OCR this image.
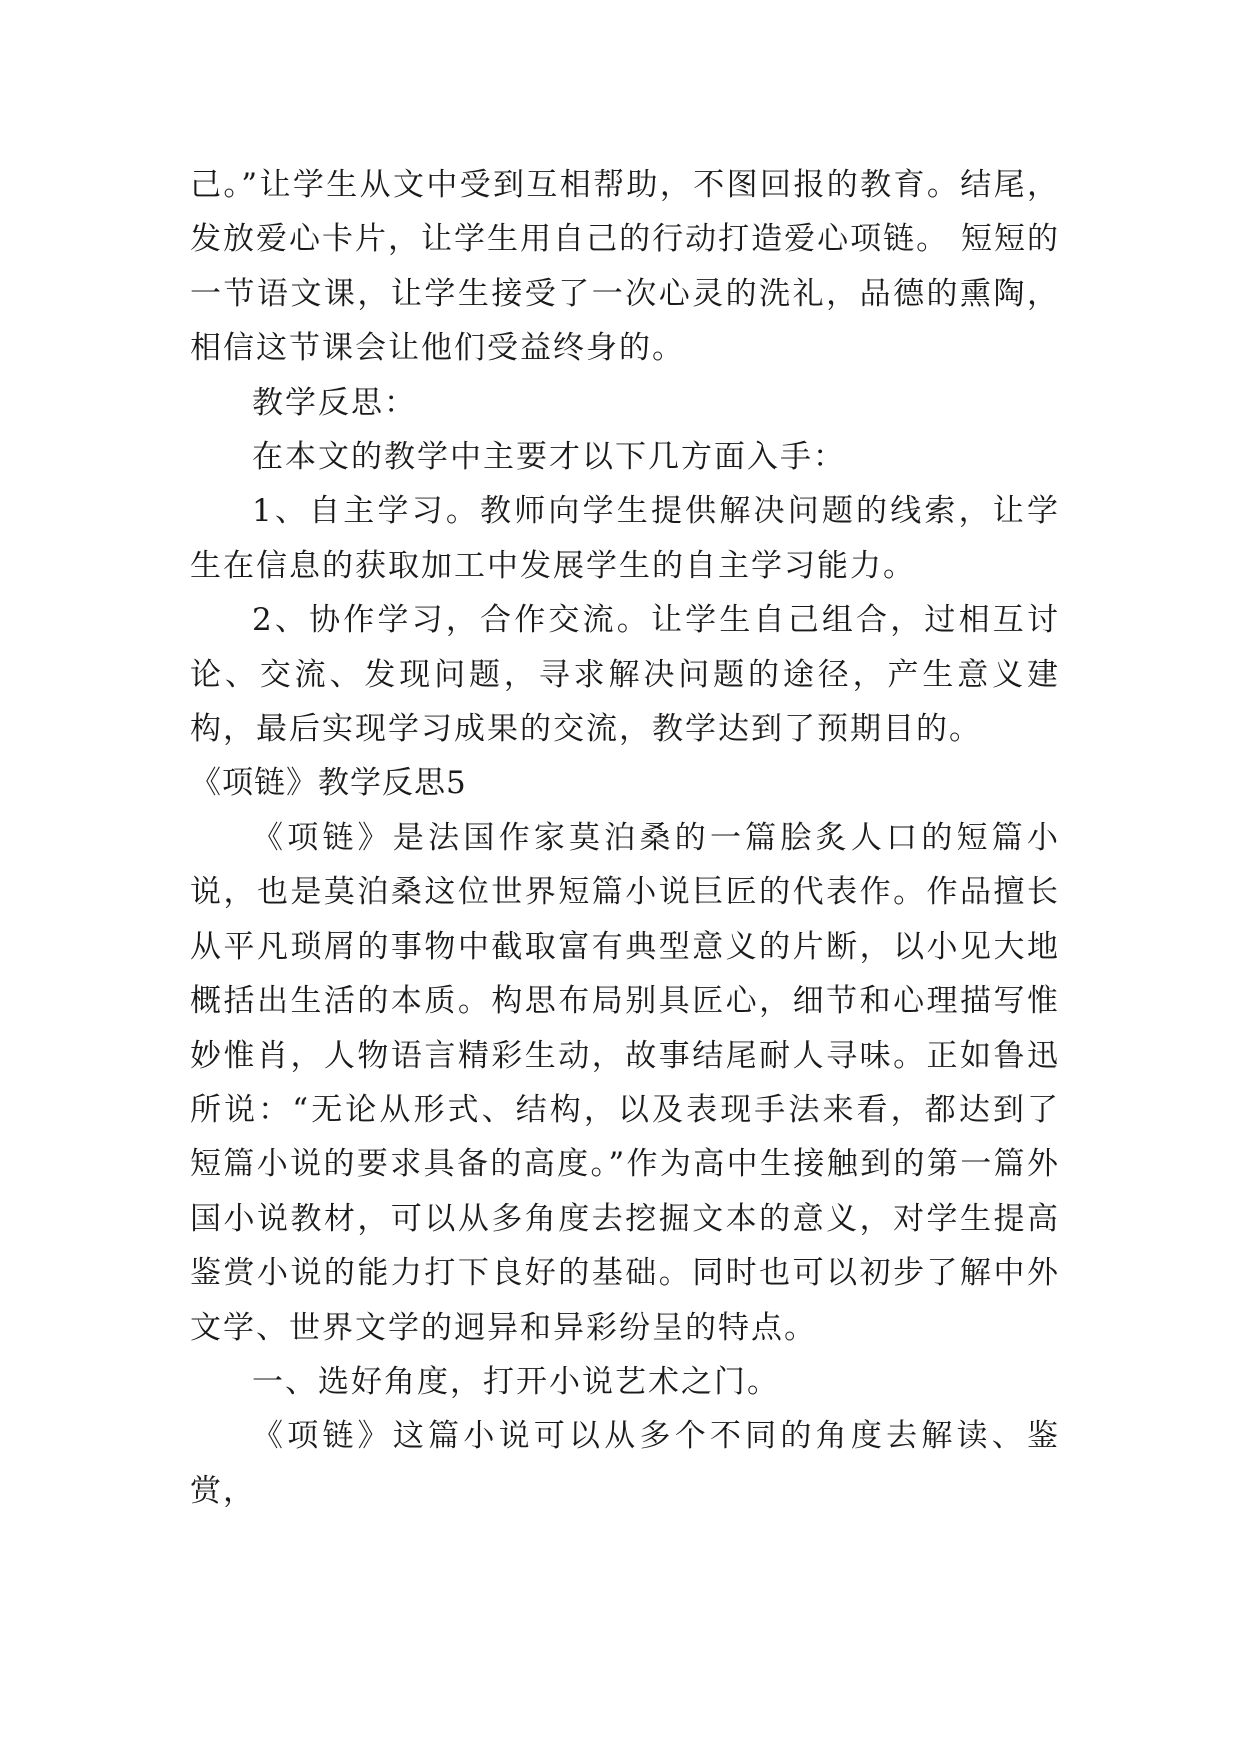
己。”让学生从文中受到互相帮助，不图回报的教育。结尾，发放爱心卡片，让学生用自己的行动打造爱心项链。 短短的一节语文课，让学生接受了一次心灵的洗礼，品德的熏陶，相信这节课会让他们受益终身的。

教学反思：

在本文的教学中主要才以下几方面入手：

1、自主学习。教师向学生提供解决问题的线索，让学生在信息的获取加工中发展学生的自主学习能力。

2、协作学习，合作交流。让学生自己组合，过相互讨论、交流、发现问题，寻求解决问题的途径，产生意义建构，最后实现学习成果的交流，教学达到了预期目的。

《项链》教学反思5

《项链》是法国作家莫泊桑的一篇脍炙人口的短篇小说，也是莫泊桑这位世界短篇小说巨匠的代表作。作品擅长从平凡琐屑的事物中截取富有典型意义的片断，以小见大地概括出生活的本质。构思布局别具匠心，细节和心理描写惟妙惟肖，人物语言精彩生动，故事结尾耐人寻味。正如鲁迅所说：“无论从形式、结构，以及表现手法来看，都达到了短篇小说的要求具备的高度。”作为高中生接触到的第一篇外国小说教材，可以从多角度去挖掘文本的意义，对学生提高鉴赏小说的能力打下良好的基础。同时也可以初步了解中外文学、世界文学的迥异和异彩纷呈的特点。

一、选好角度，打开小说艺术之门。

《项链》这篇小说可以从多个不同的角度去解读、鉴赏，
